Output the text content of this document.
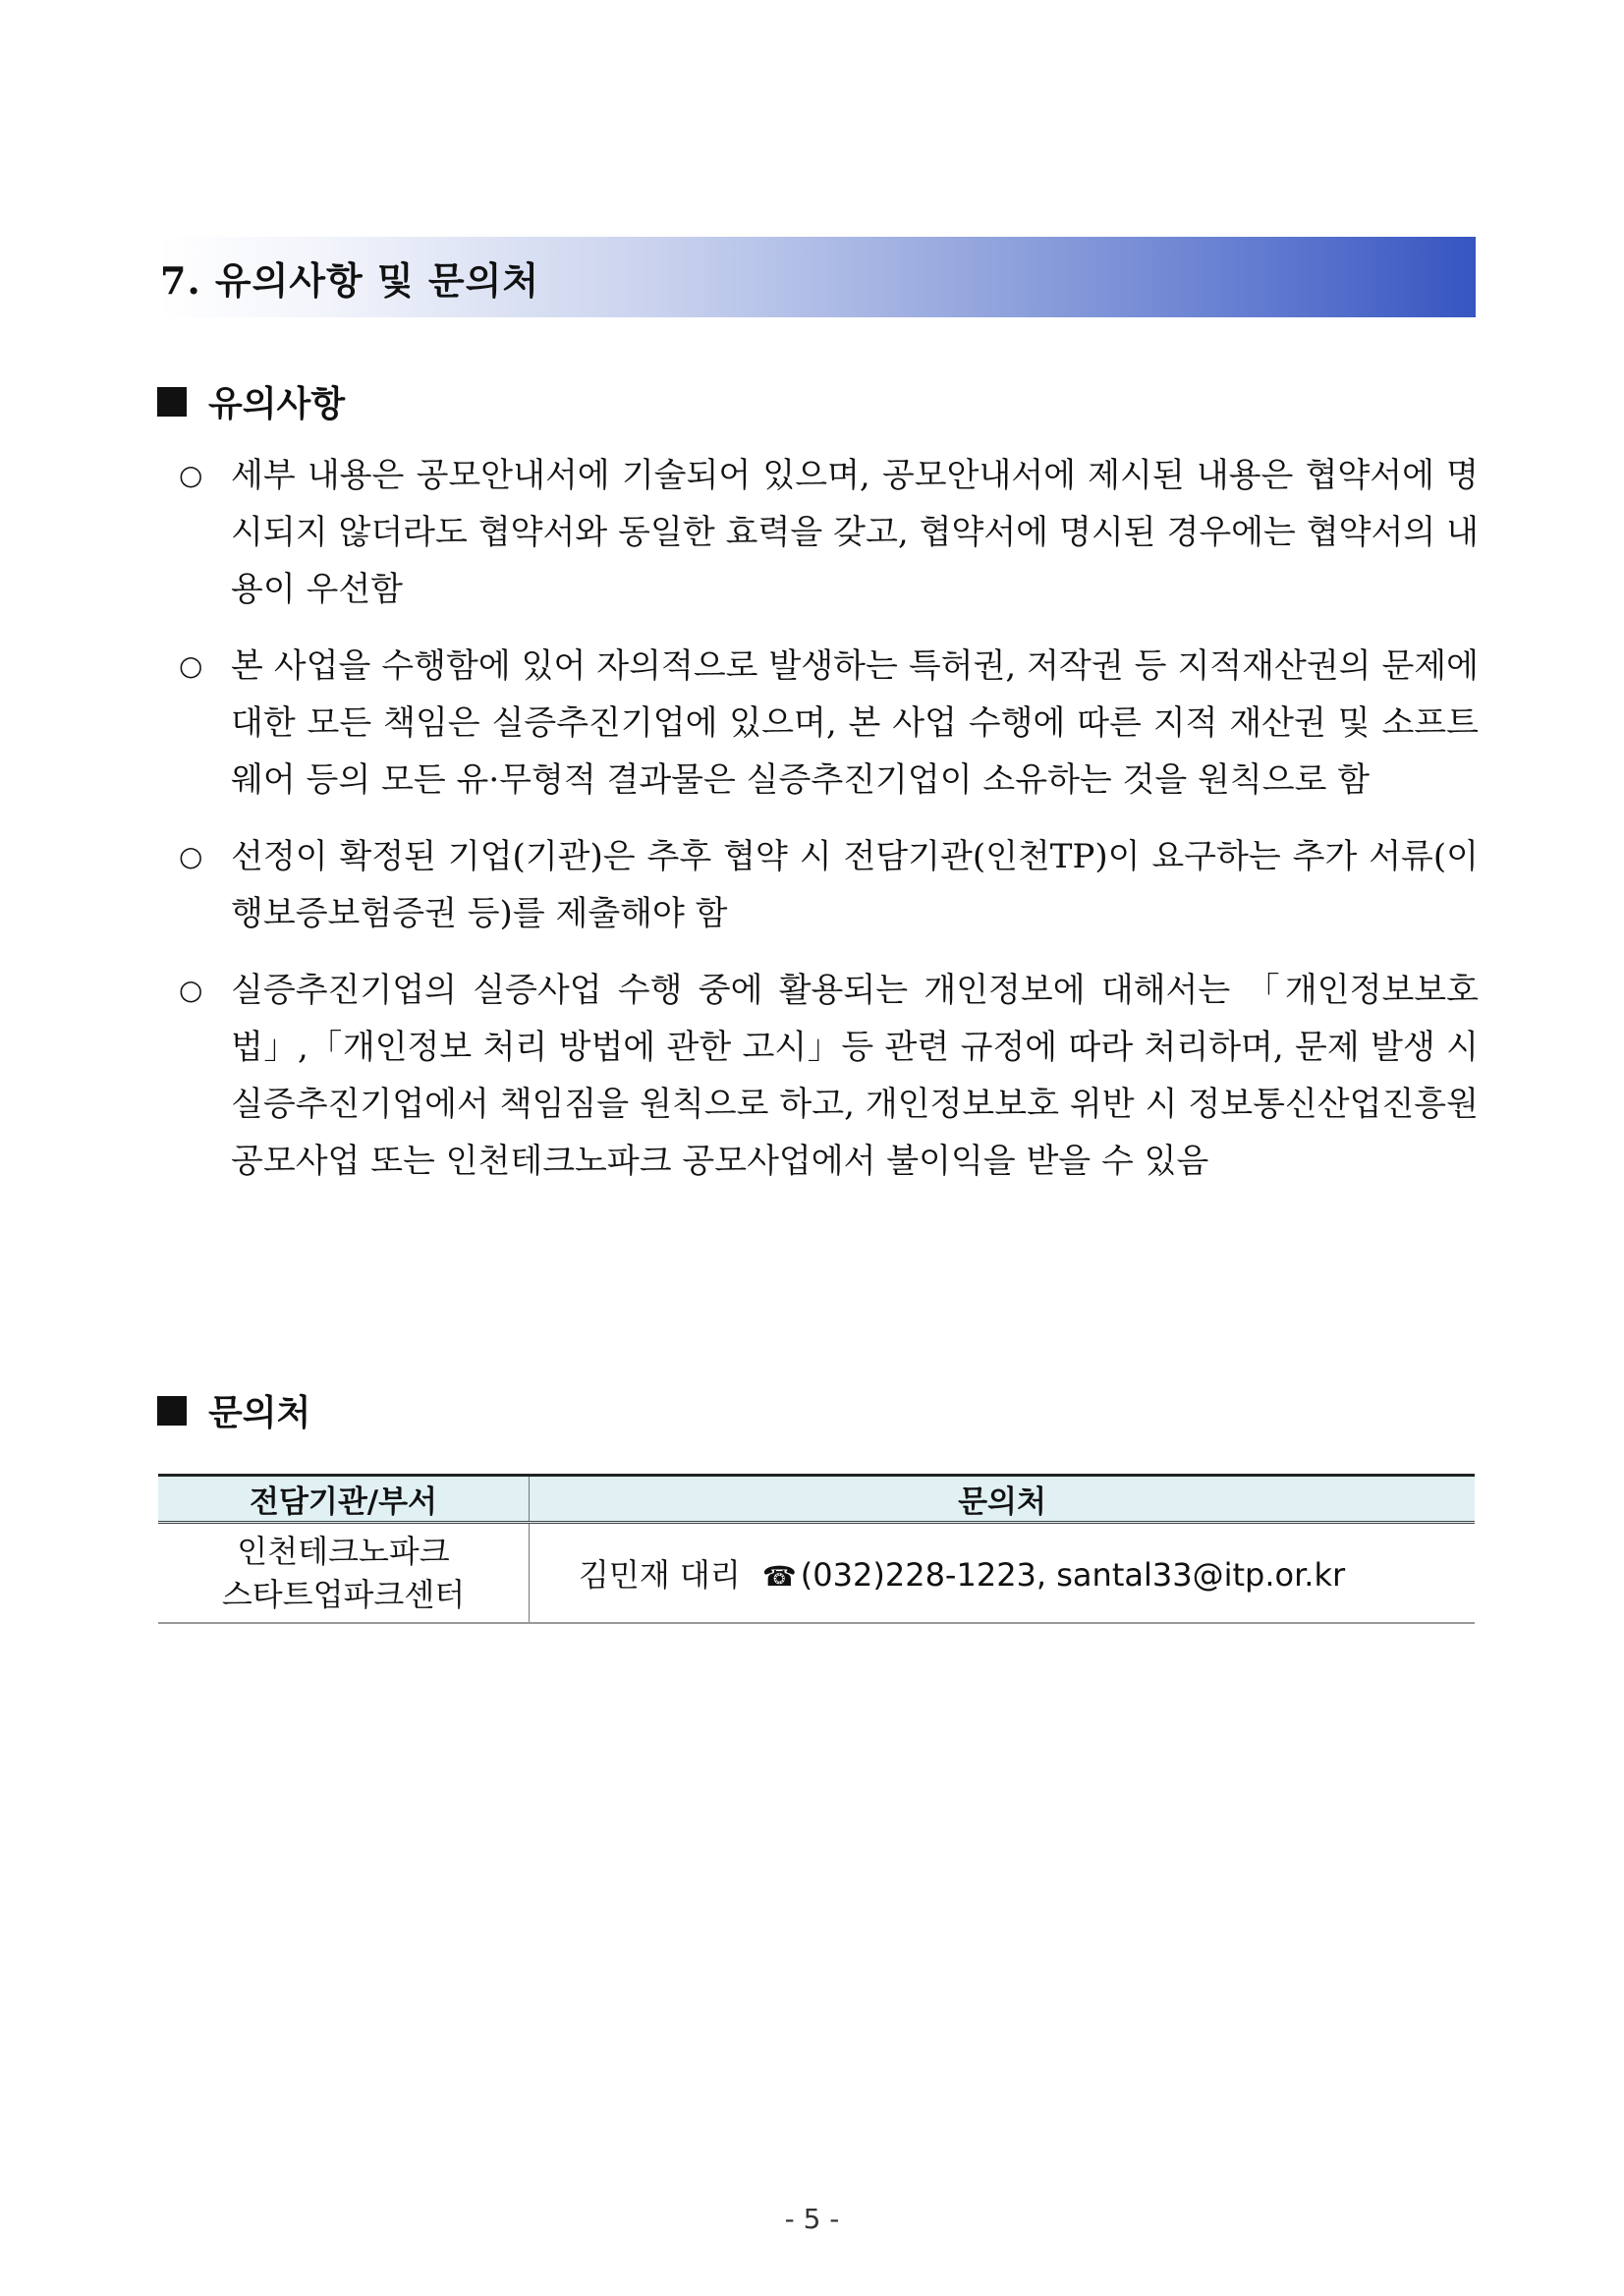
7. 유의사항 및 문의처
유의사항
○ 세부 내용은 공모안내서에 기술되어 있으며, 공모안내서에 제시된 내용은 협약서에 명시되지 않더라도 협약서와 동일한 효력을 갖고, 협약서에 명시된 경우에는 협약서의 내용이 우선함
○ 본 사업을 수행함에 있어 자의적으로 발생하는 특허권, 저작권 등 지적재산권의 문제에 대한 모든 책임은 실증추진기업에 있으며, 본 사업 수행에 따른 지적 재산권 및 소프트웨어 등의 모든 유·무형적 결과물은 실증추진기업이 소유하는 것을 원칙으로 함
○ 선정이 확정된 기업(기관)은 추후 협약 시 전담기관(인천TP)이 요구하는 추가 서류(이행보증보험증권 등)를 제출해야 함
○ 실증추진기업의 실증사업 수행 중에 활용되는 개인정보에 대해서는 「개인정보보호법」,「개인정보 처리 방법에 관한 고시」등 관련 규정에 따라 처리하며, 문제 발생 시 실증추진기업에서 책임짐을 원칙으로 하고, 개인정보보호 위반 시 정보통신산업진흥원 공모사업 또는 인천테크노파크 공모사업에서 불이익을 받을 수 있음
문의처
전담기관/부서	문의처
인천테크노파크
스타트업파크센터	김민재 대리 ☎ (032)228-1223, santal33@itp.or.kr
- 5 -
